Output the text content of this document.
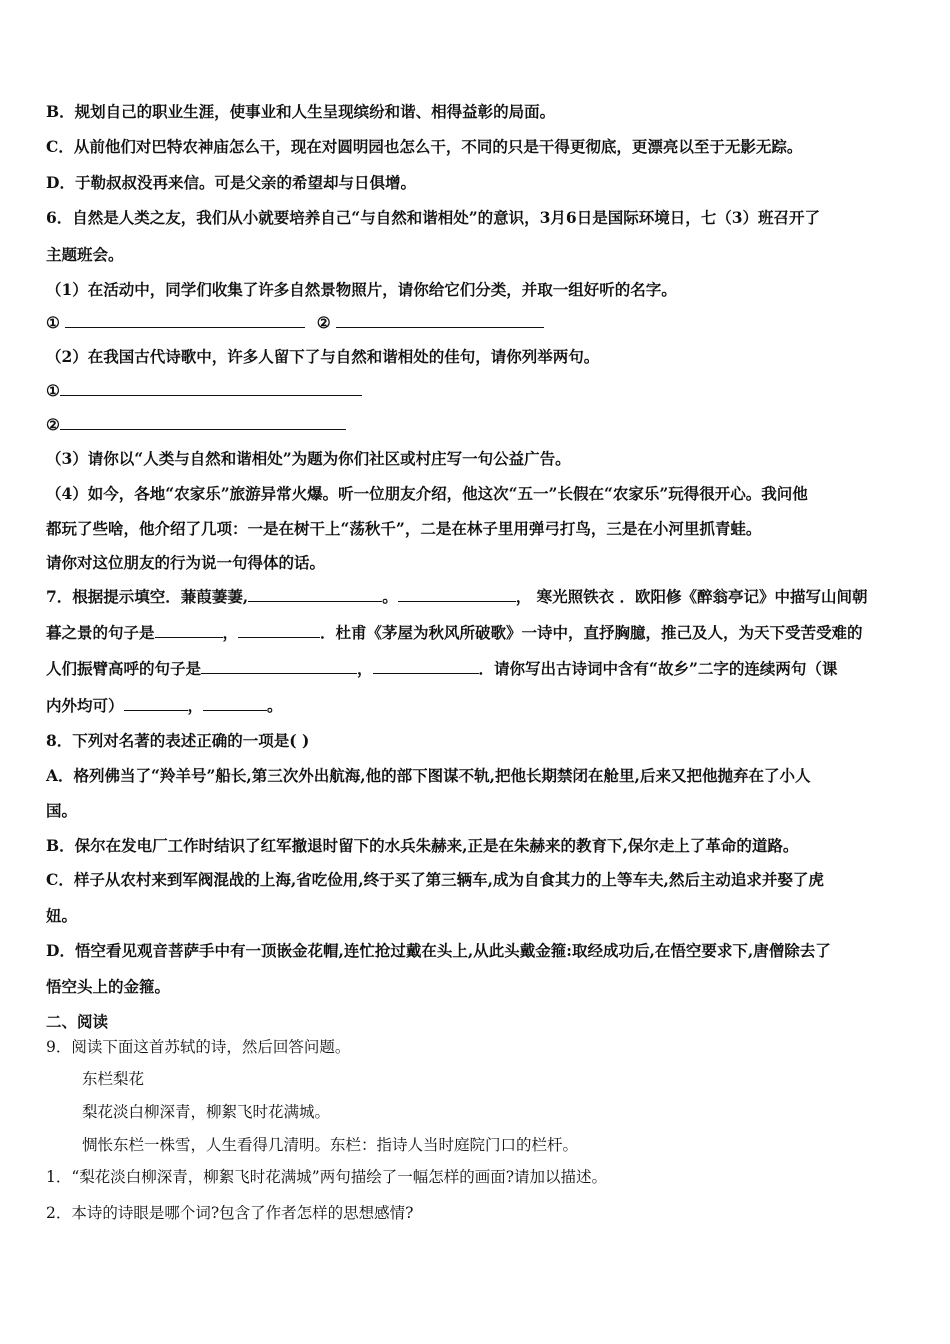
B．规划自己的职业生涯，使事业和人生呈现缤纷和谐、相得益彰的局面。
C．从前他们对巴特农神庙怎么干，现在对圆明园也怎么干，不同的只是干得更彻底，更漂亮以至于无影无踪。
D．于勒叔叔没再来信。可是父亲的希望却与日俱增。
6．自然是人类之友，我们从小就要培养自己“与自然和谐相处”的意识，3月6日是国际环境日，七（3）班召开了
主题班会。
（1）在活动中，同学们收集了许多自然景物照片，请你给它们分类，并取一组好听的名字。
①	②
（2）在我国古代诗歌中，许多人留下了与自然和谐相处的佳句，请你列举两句。
①
②
（3）请你以“人类与自然和谐相处”为题为你们社区或村庄写一句公益广告。
（4）如今，各地“农家乐”旅游异常火爆。听一位朋友介绍，他这次“五一”长假在“农家乐”玩得很开心。我问他
都玩了些啥，他介绍了几项：一是在树干上“荡秋千”，二是在林子里用弹弓打鸟，三是在小河里抓青蛙。
请你对这位朋友的行为说一句得体的话。
7．根据提示填空．蒹葭萋萋,	。	， 寒光照铁衣 ．欧阳修《醉翁亭记》中描写山间朝
暮之景的句子是	，	．杜甫《茅屋为秋风所破歌》一诗中，直抒胸臆，推己及人，为天下受苦受难的
人们振臂高呼的句子是	，	．请你写出古诗词中含有“故乡”二字的连续两句（课
内外均可）	，	。
8．下列对名著的表述正确的一项是( )
A．格列佛当了“羚羊号”船长,第三次外出航海,他的部下图谋不轨,把他长期禁闭在舱里,后来又把他抛弃在了小人
国。
B．保尔在发电厂工作时结识了红军撤退时留下的水兵朱赫来,正是在朱赫来的教育下,保尔走上了革命的道路。
C．样子从农村来到军阀混战的上海,省吃俭用,终于买了第三辆车,成为自食其力的上等车夫,然后主动追求并娶了虎
妞。
D．悟空看见观音菩萨手中有一顶嵌金花帽,连忙抢过戴在头上,从此头戴金箍:取经成功后,在悟空要求下,唐僧除去了
悟空头上的金箍。
二、阅读
9．阅读下面这首苏轼的诗，然后回答问题。
东栏梨花
梨花淡白柳深青，柳絮飞时花满城。
惆怅东栏一株雪，人生看得几清明。东栏：指诗人当时庭院门口的栏杆。
1．“梨花淡白柳深青，柳絮飞时花满城”两句描绘了一幅怎样的画面?请加以描述。
2．本诗的诗眼是哪个词?包含了作者怎样的思想感情?
